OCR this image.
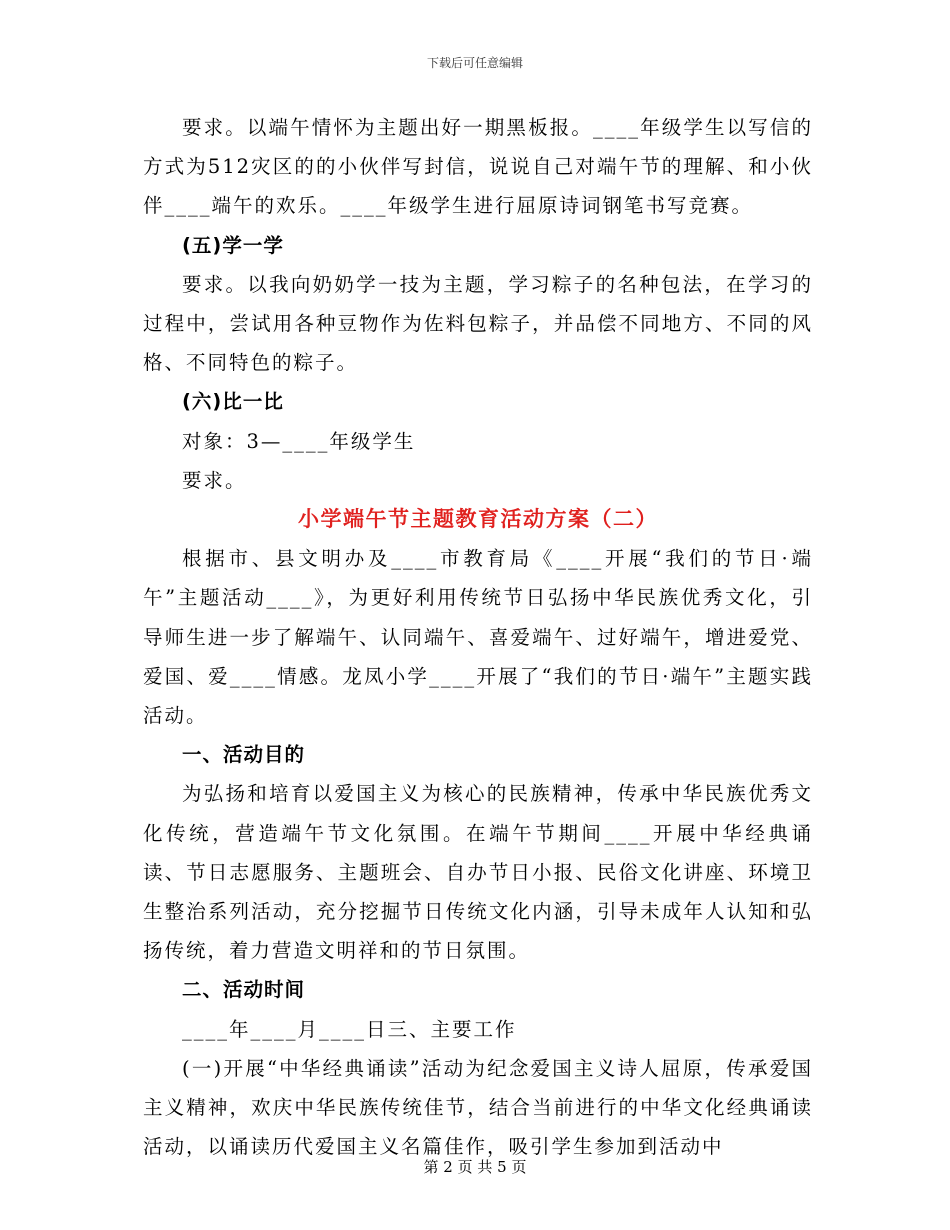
下载后可任意编辑

要求。以端午情怀为主题出好一期黑板报。____年级学生以写信的方式为512灾区的的小伙伴写封信，说说自己对端午节的理解、和小伙伴____端午的欢乐。____年级学生进行屈原诗词钢笔书写竞赛。

(五)学一学

要求。以我向奶奶学一技为主题，学习粽子的名种包法，在学习的过程中，尝试用各种豆物作为佐料包粽子，并品偿不同地方、不同的风格、不同特色的粽子。

(六)比一比

对象：3—____年级学生

要求。

小学端午节主题教育活动方案（二）

根据市、县文明办及____市教育局《____开展“我们的节日·端午”主题活动____》，为更好利用传统节日弘扬中华民族优秀文化，引导师生进一步了解端午、认同端午、喜爱端午、过好端午，增进爱党、爱国、爱____情感。龙凤小学____开展了“我们的节日·端午”主题实践活动。

一、活动目的

为弘扬和培育以爱国主义为核心的民族精神，传承中华民族优秀文化传统，营造端午节文化氛围。在端午节期间____开展中华经典诵读、节日志愿服务、主题班会、自办节日小报、民俗文化讲座、环境卫生整治系列活动，充分挖掘节日传统文化内涵，引导未成年人认知和弘扬传统，着力营造文明祥和的节日氛围。

二、活动时间

____年____月____日三、主要工作

(一)开展“中华经典诵读”活动为纪念爱国主义诗人屈原，传承爱国主义精神，欢庆中华民族传统佳节，结合当前进行的中华文化经典诵读活动，以诵读历代爱国主义名篇佳作，吸引学生参加到活动中

第 2 页 共 5 页
